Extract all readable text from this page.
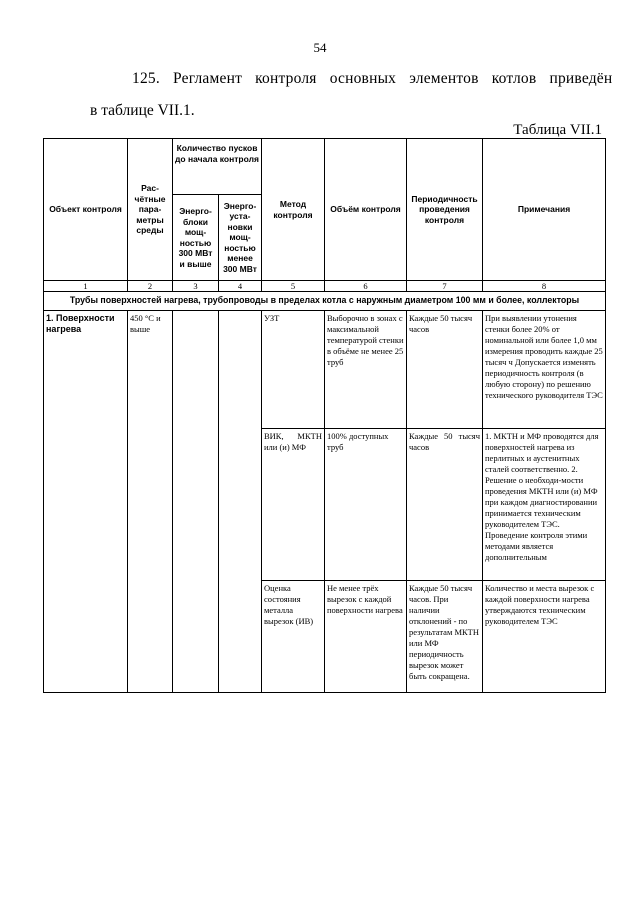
54
125. Регламент контроля основных элементов котлов приведён
в таблице VII.1.
Таблица VII.1
Объект контроля	Рас-чётные пара-метры среды	Количество пусков до начала контроля		Метод контроля	Объём контроля	Периодичность проведения контроля	Примечания
		Энерго-блоки мощ-ностью 300 МВт и выше	Энерго-уста-новки мощ-ностью менее 300 МВт				
1	2	3	4	5	6	7	8
Трубы поверхностей нагрева, трубопроводы в пределах котла с наружным диаметром 100 мм и более, коллекторы							
1. Поверхности нагрева	450 °С и выше			УЗТ	Выборочно в зонах с максимальной температурой стенки в объёме не менее 25 труб	Каждые 50 тысяч часов	При выявлении утонения стенки более 20% от номинальной или более 1,0 мм измерения проводить каждые 25 тысяч ч Допускается изменять периодичность контроля (в любую сторону) по решению технического руководителя ТЭС
				ВИК, МКТН или (и) МФ	100% доступных труб	Каждые 50 тысяч часов	1. МКТН и МФ проводятся для поверхностей нагрева из перлитных и аустенитных сталей соответственно. 2. Решение о необходи-мости проведения МКТН или (и) МФ при каждом диагностировании принимается техническим руководителем ТЭС. Проведение контроля этими методами является дополнительным
				Оценка состояния металла вырезок (ИВ)	Не менее трёх вырезок с каждой поверхности нагрева	Каждые 50 тысяч часов. При наличии отклонений - по результатам МКТН или МФ периодичность вырезок может быть сокращена.	Количество и места вырезок с каждой поверхности нагрева утверждаются техническим руководителем ТЭС
